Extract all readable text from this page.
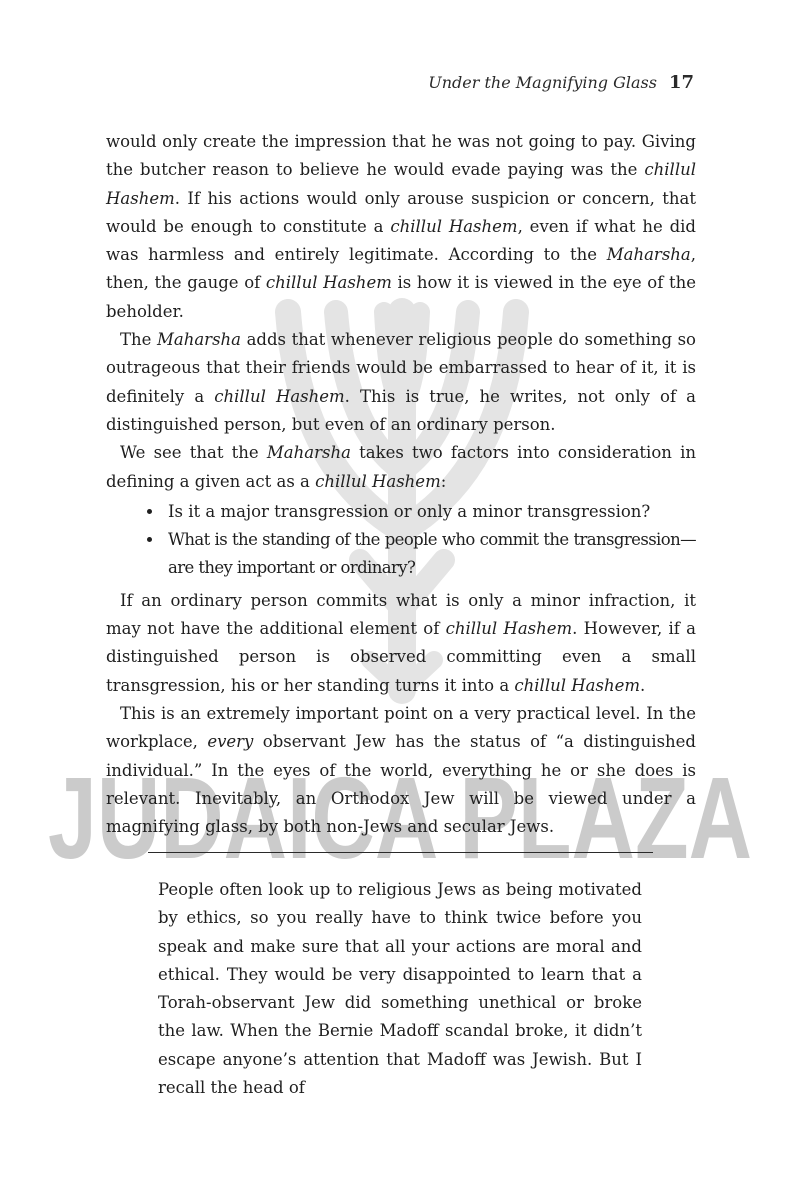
JUDAICA PLAZA
Under the Magnifying Glass 17

would only create the impression that he was not going to pay. Giving the butcher reason to believe he would evade paying was the chillul Hashem. If his actions would only arouse suspicion or concern, that would be enough to constitute a chillul Hashem, even if what he did was harmless and entirely legitimate. According to the Maharsha, then, the gauge of chillul Hashem is how it is viewed in the eye of the beholder.

The Maharsha adds that whenever religious people do something so outrageous that their friends would be embarrassed to hear of it, it is definitely a chillul Hashem. This is true, he writes, not only of a distinguished person, but even of an ordinary person.

We see that the Maharsha takes two factors into consideration in defining a given act as a chillul Hashem:

• Is it a major transgression or only a minor transgression?
• What is the standing of the people who commit the transgression—are they important or ordinary?

If an ordinary person commits what is only a minor infraction, it may not have the additional element of chillul Hashem. However, if a distinguished person is observed committing even a small transgression, his or her standing turns it into a chillul Hashem.

This is an extremely important point on a very practical level. In the workplace, every observant Jew has the status of “a distinguished individual.” In the eyes of the world, everything he or she does is relevant. Inevitably, an Orthodox Jew will be viewed under a magnifying glass, by both non-Jews and secular Jews.

People often look up to religious Jews as being motivated by ethics, so you really have to think twice before you speak and make sure that all your actions are moral and ethical. They would be very disappointed to learn that a Torah-observant Jew did something unethical or broke the law. When the Bernie Madoff scandal broke, it didn’t escape anyone’s attention that Madoff was Jewish. But I recall the head of
